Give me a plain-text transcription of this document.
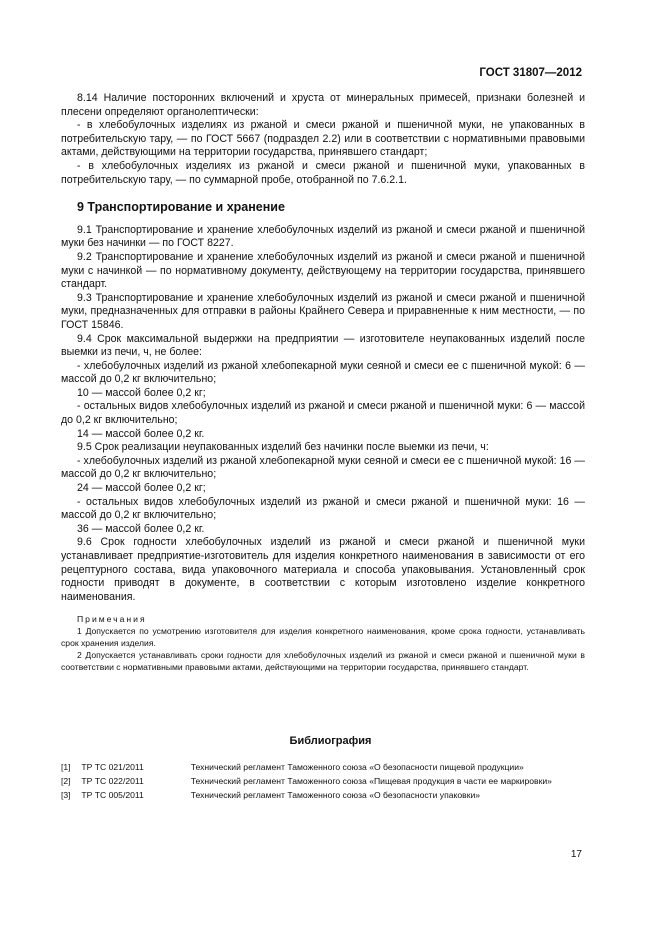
ГОСТ 31807—2012

8.14 Наличие посторонних включений и хруста от минеральных примесей, признаки болезней и плесени определяют органолептически:

- в хлебобулочных изделиях из ржаной и смеси ржаной и пшеничной муки, не упакованных в потребительскую тару, — по ГОСТ 5667 (подраздел 2.2) или в соответствии с нормативными правовыми актами, действующими на территории государства, принявшего стандарт;

- в хлебобулочных изделиях из ржаной и смеси ржаной и пшеничной муки, упакованных в потребительскую тару, — по суммарной пробе, отобранной по 7.6.2.1.

9 Транспортирование и хранение

9.1 Транспортирование и хранение хлебобулочных изделий из ржаной и смеси ржаной и пшеничной муки без начинки — по ГОСТ 8227.

9.2 Транспортирование и хранение хлебобулочных изделий из ржаной и смеси ржаной и пшеничной муки с начинкой — по нормативному документу, действующему на территории государства, принявшего стандарт.

9.3 Транспортирование и хранение хлебобулочных изделий из ржаной и смеси ржаной и пшеничной муки, предназначенных для отправки в районы Крайнего Севера и приравненные к ним местности, — по ГОСТ 15846.

9.4 Срок максимальной выдержки на предприятии — изготовителе неупакованных изделий после выемки из печи, ч, не более:

- хлебобулочных изделий из ржаной хлебопекарной муки сеяной и смеси ее с пшеничной мукой: 6 — массой до 0,2 кг включительно;

10 — массой более 0,2 кг;

- остальных видов хлебобулочных изделий из ржаной и смеси ржаной и пшеничной муки: 6 — массой до 0,2 кг включительно;

14 — массой более 0,2 кг.

9.5 Срок реализации неупакованных изделий без начинки после выемки из печи, ч:

- хлебобулочных изделий из ржаной хлебопекарной муки сеяной и смеси ее с пшеничной мукой: 16 — массой до 0,2 кг включительно;

24 — массой более 0,2 кг;

- остальных видов хлебобулочных изделий из ржаной и смеси ржаной и пшеничной муки: 16 — массой до 0,2 кг включительно;

36 — массой более 0,2 кг.

9.6 Срок годности хлебобулочных изделий из ржаной и смеси ржаной и пшеничной муки устанавливает предприятие-изготовитель для изделия конкретного наименования в зависимости от его рецептурного состава, вида упаковочного материала и способа упаковывания. Установленный срок годности приводят в документе, в соответствии с которым изготовлено изделие конкретного наименования.

Примечания

1 Допускается по усмотрению изготовителя для изделия конкретного наименования, кроме срока годности, устанавливать срок хранения изделия.

2 Допускается устанавливать сроки годности для хлебобулочных изделий из ржаной и смеси ржаной и пшеничной муки в соответствии с нормативными правовыми актами, действующими на территории государства, принявшего стандарт.

Библиография
[1] ТР ТС 021/2011	Технический регламент Таможенного союза «О безопасности пищевой продукции»
[2] ТР ТС 022/2011	Технический регламент Таможенного союза «Пищевая продукция в части ее маркировки»
[3] ТР ТС 005/2011	Технический регламент Таможенного союза «О безопасности упаковки»
17
